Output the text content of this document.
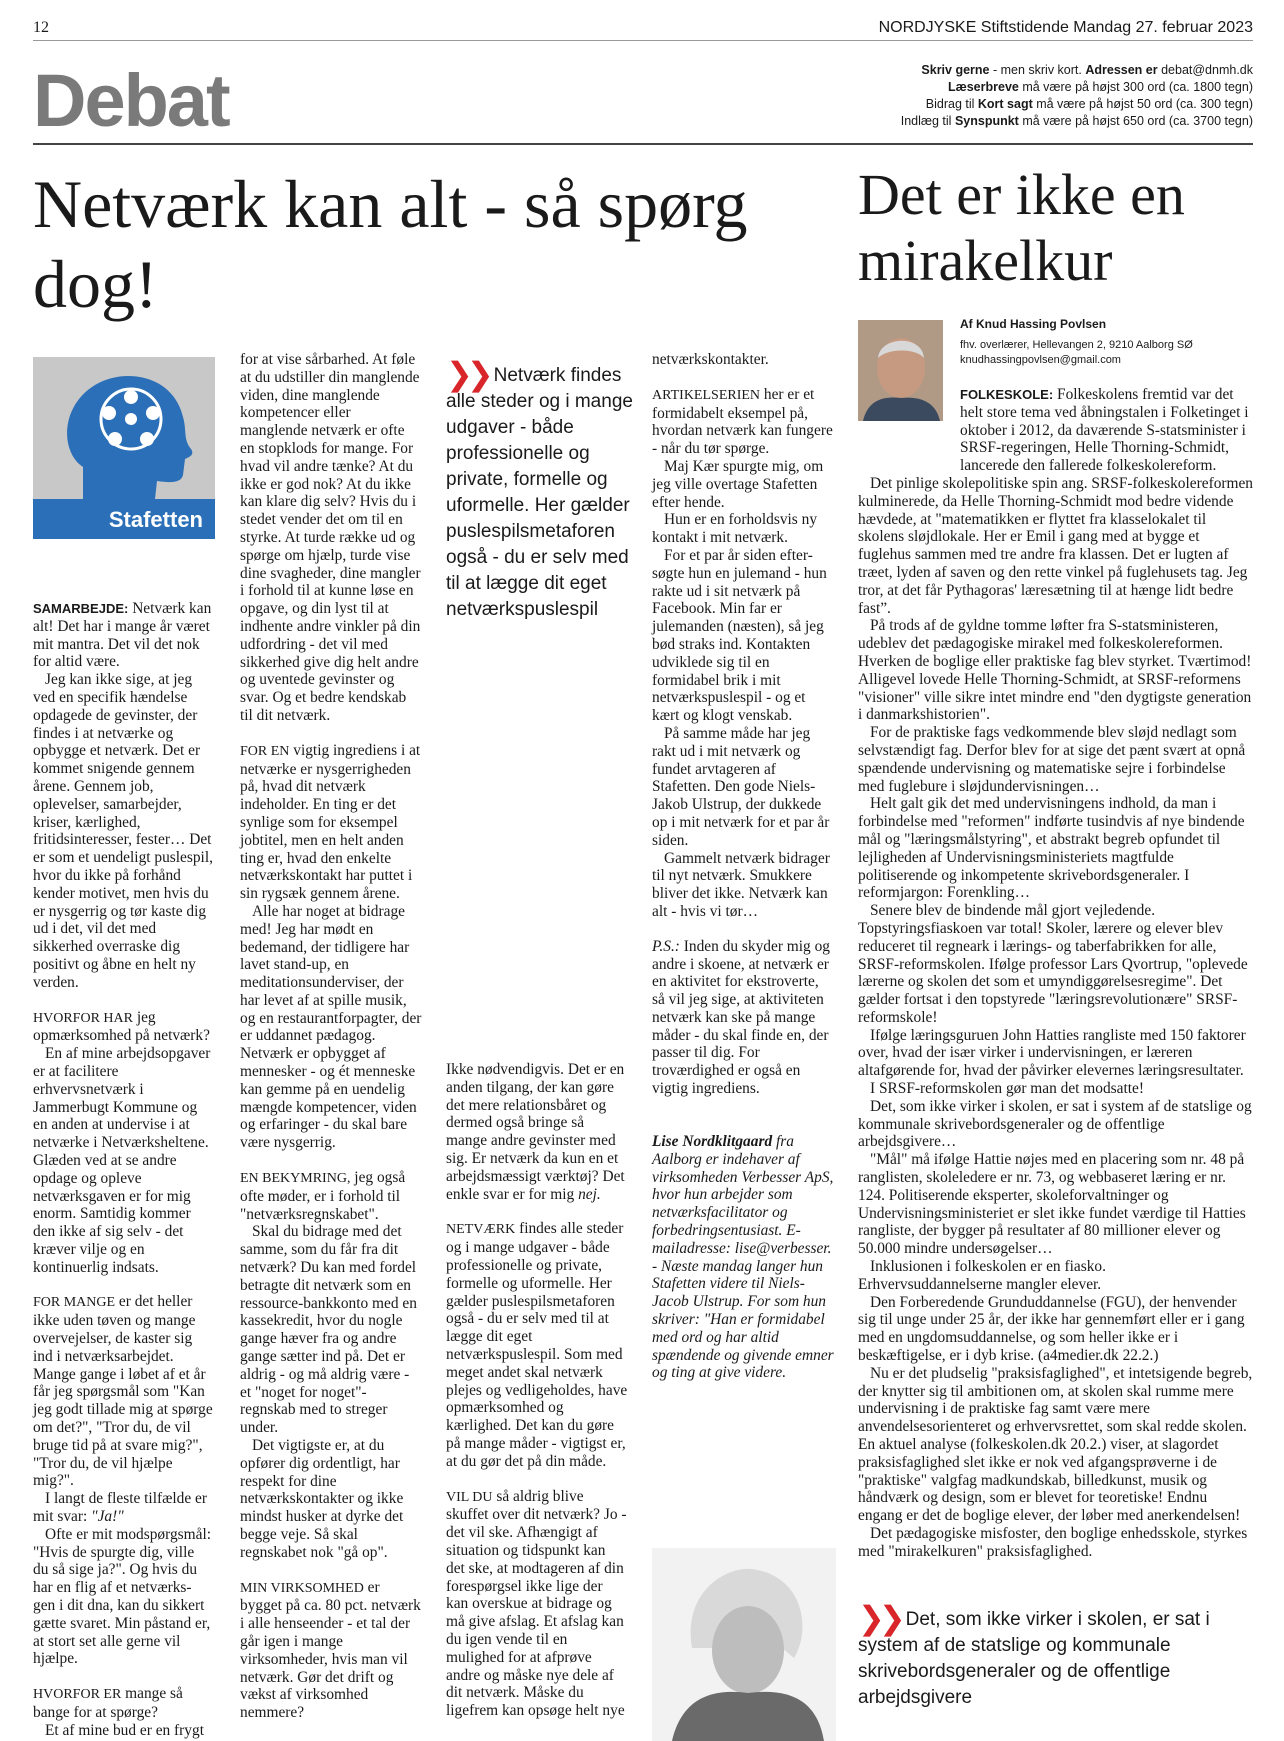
12	NORDJYSKE Stiftstidende Mandag 27. februar 2023
Debat	Skriv gerne - men skriv kort. Adressen er debat@dnmh.dk
Læserbreve må være på højst 300 ord (ca. 1800 tegn)
Bidrag til Kort sagt må være på højst 50 ord (ca. 300 tegn)
Indlæg til Synspunkt må være på højst 650 ord (ca. 3700 tegn)
Netværk kan alt - så spørg dog!
Det er ikke en mirakelkur
Stafetten

SAMARBEJDE: Netværk kan alt! Det har i mange år været mit mantra. Det vil det nok for altid være.

Jeg kan ikke sige, at jeg ved en specifik hændelse opdagede de gevinster, der findes i at netværke og opbygge et netværk. Det er kommet snigende gennem årene. Gennem job, oplevelser, samarbejder, kriser, kærlighed, fritidsinteresser, fester… Det er som et uendeligt puslespil, hvor du ikke på forhånd kender motivet, men hvis du er nysgerrig og tør kaste dig ud i det, vil det med sikkerhed overraske dig positivt og åbne en helt ny verden.

HVORFOR HAR jeg opmærksomhed på netværk?

En af mine arbejdsopgaver er at facilitere erhvervsnetværk i Jammerbugt Kommune og en anden at undervise i at netværke i Netværksheltene. Glæden ved at se andre opdage og opleve netværksgaven er for mig enorm. Samtidig kommer den ikke af sig selv - det kræver vilje og en kontinuerlig indsats.

FOR MANGE er det heller ikke uden tøven og mange overvejelser, de kaster sig ind i netværksarbejdet. Mange gange i løbet af et år får jeg spørgsmål som "Kan jeg godt tillade mig at spørge om det?", "Tror du, de vil bruge tid på at svare mig?", "Tror du, de vil hjælpe mig?".

I langt de fleste tilfælde er mit svar: "Ja!"

Ofte er mit modspørgsmål: "Hvis de spurgte dig, ville du så sige ja?". Og hvis du har en flig af et netværks-gen i dit dna, kan du sikkert gætte svaret. Min påstand er, at stort set alle gerne vil hjælpe.

HVORFOR ER mange så bange for at spørge?

Et af mine bud er en frygt

for at vise sårbarhed. At føle at du udstiller din manglende viden, dine manglende kompetencer eller manglende netværk er ofte en stopklods for mange. For hvad vil andre tænke? At du ikke er god nok? At du ikke kan klare dig selv? Hvis du i stedet vender det om til en styrke. At turde række ud og spørge om hjælp, turde vise dine svagheder, dine mangler i forhold til at kunne løse en opgave, og din lyst til at indhente andre vinkler på din udfordring - det vil med sikkerhed give dig helt andre og uventede gevinster og svar. Og et bedre kendskab til dit netværk.

FOR EN vigtig ingrediens i at netværke er nysgerrigheden på, hvad dit netværk indeholder. En ting er det synlige som for eksempel jobtitel, men en helt anden ting er, hvad den enkelte netværkskontakt har puttet i sin rygsæk gennem årene.

Alle har noget at bidrage med! Jeg har mødt en bedemand, der tidligere har lavet stand-up, en meditationsunderviser, der har levet af at spille musik, og en restaurantforpagter, der er uddannet pædagog. Netværk er opbygget af mennesker - og ét menneske kan gemme på en uendelig mængde kompetencer, viden og erfaringer - du skal bare være nysgerrig.

EN BEKYMRING, jeg også ofte møder, er i forhold til "netværksregnskabet".

Skal du bidrage med det samme, som du får fra dit netværk? Du kan med fordel betragte dit netværk som en ressource-bankkonto med en kassekredit, hvor du nogle gange hæver fra og andre gange sætter ind på. Det er aldrig - og må aldrig være - et "noget for noget"-regnskab med to streger under.

Det vigtigste er, at du opfører dig ordentligt, har respekt for dine netværkskontakter og ikke mindst husker at dyrke det begge veje. Så skal regnskabet nok "gå op".

MIN VIRKSOMHED er bygget på ca. 80 pct. netværk i alle henseender - et tal der går igen i mange virksomheder, hvis man vil netværk. Gør det drift og vækst af virksomhed nemmere?

❯❯ Netværk findes alle steder og i mange udgaver - både professionelle og private, formelle og uformelle. Her gælder puslespilsmetaforen også - du er selv med til at lægge dit eget netværkspuslespil

Ikke nødvendigvis. Det er en anden tilgang, der kan gøre det mere relationsbåret og dermed også bringe så mange andre gevinster med sig. Er netværk da kun en et arbejdsmæssigt værktøj? Det enkle svar er for mig nej.

NETVÆRK findes alle steder og i mange udgaver - både professionelle og private, formelle og uformelle. Her gælder puslespilsmetaforen også - du er selv med til at lægge dit eget netværkspuslespil. Som med meget andet skal netværk plejes og vedligeholdes, have opmærksomhed og kærlighed. Det kan du gøre på mange måder - vigtigst er, at du gør det på din måde.

VIL DU så aldrig blive skuffet over dit netværk? Jo - det vil ske. Afhængigt af situation og tidspunkt kan det ske, at modtageren af din forespørgsel ikke lige der kan overskue at bidrage og må give afslag. Et afslag kan du igen vende til en mulighed for at afprøve andre og måske nye dele af dit netværk. Måske du ligefrem kan opsøge helt nye

netværkskontakter.

ARTIKELSERIEN her er et formidabelt eksempel på, hvordan netværk kan fungere - når du tør spørge.

Maj Kær spurgte mig, om jeg ville overtage Stafetten efter hende.

Hun er en forholdsvis ny kontakt i mit netværk.

For et par år siden efter-søgte hun en julemand - hun rakte ud i sit netværk på Facebook. Min far er julemanden (næsten), så jeg bød straks ind. Kontakten udviklede sig til en formidabel brik i mit netværkspuslespil - og et kært og klogt venskab.

På samme måde har jeg rakt ud i mit netværk og fundet arvtageren af Stafetten. Den gode Niels-Jakob Ulstrup, der dukkede op i mit netværk for et par år siden.

Gammelt netværk bidrager til nyt netværk. Smukkere bliver det ikke. Netværk kan alt - hvis vi tør…

P.S.: Inden du skyder mig og andre i skoene, at netværk er en aktivitet for ekstroverte, så vil jeg sige, at aktiviteten netværk kan ske på mange måder - du skal finde en, der passer til dig. For troværdighed er også en vigtig ingrediens.

Lise Nordklitgaard fra Aalborg er indehaver af virksomheden Verbesser ApS, hvor hun arbejder som netværksfacilitator og forbedringsentusiast. E-mailadresse: lise@verbesser. - Næste mandag langer hun Stafetten videre til Niels-Jacob Ulstrup. For som hun skriver: "Han er formidabel med ord og har altid spændende og givende emner og ting at give videre.

Af Knud Hassing Povlsen
fhv. overlærer, Hellevangen 2, 9210 Aalborg SØ
knudhassingpovlsen@gmail.com

FOLKESKOLE: Folkeskolens fremtid var det helt store tema ved åbningstalen i Folketinget i oktober i 2012, da daværende S-statsminister i SRSF-regeringen, Helle Thorning-Schmidt, lancerede den fallerede folkeskolereform.

Det pinlige skolepolitiske spin ang. SRSF-folkeskolereformen kulminerede, da Helle Thorning-Schmidt mod bedre vidende hævdede, at "matematikken er flyttet fra klasselokalet til skolens sløjdlokale. Her er Emil i gang med at bygge et fuglehus sammen med tre andre fra klassen. Det er lugten af træet, lyden af saven og den rette vinkel på fuglehusets tag. Jeg tror, at det får Pythagoras' læresætning til at hænge lidt bedre fast”.

På trods af de gyldne tomme løfter fra S-statsministeren, udeblev det pædagogiske mirakel med folkeskolereformen. Hverken de boglige eller praktiske fag blev styrket. Tværtimod! Alligevel lovede Helle Thorning-Schmidt, at SRSF-reformens "visioner" ville sikre intet mindre end "den dygtigste generation i danmarkshistorien".

For de praktiske fags vedkommende blev sløjd nedlagt som selvstændigt fag. Derfor blev for at sige det pænt svært at opnå spændende undervisning og matematiske sejre i forbindelse med fuglebure i sløjdundervisningen…

Helt galt gik det med undervisningens indhold, da man i forbindelse med "reformen" indførte tusindvis af nye bindende mål og "læringsmålstyring", et abstrakt begreb opfundet til lejligheden af Undervisningsministeriets magtfulde politiserende og inkompetente skrivebordsgeneraler. I reformjargon: Forenkling…

Senere blev de bindende mål gjort vejledende. Topstyringsfiaskoen var total! Skoler, lærere og elever blev reduceret til regneark i lærings- og taberfabrikken for alle, SRSF-reformskolen. Ifølge professor Lars Qvortrup, "oplevede lærerne og skolen det som et umyndiggørelsesregime". Det gælder fortsat i den topstyrede "læringsrevolutionære" SRSF-reformskole!

Ifølge læringsguruen John Hatties rangliste med 150 faktorer over, hvad der især virker i undervisningen, er læreren altafgørende for, hvad der påvirker elevernes læringsresultater.

I SRSF-reformskolen gør man det modsatte!

Det, som ikke virker i skolen, er sat i system af de statslige og kommunale skrivebordsgeneraler og de offentlige arbejdsgivere…

"Mål" må ifølge Hattie nøjes med en placering som nr. 48 på ranglisten, skoleledere er nr. 73, og webbaseret læring er nr. 124. Politiserende eksperter, skoleforvaltninger og Undervisningsministeriet er slet ikke fundet værdige til Hatties rangliste, der bygger på resultater af 80 millioner elever og 50.000 mindre undersøgelser…

Inklusionen i folkeskolen er en fiasko. Erhvervsuddannelserne mangler elever.

Den Forberedende Grunduddannelse (FGU), der henvender sig til unge under 25 år, der ikke har gennemført eller er i gang med en ungdomsuddannelse, og som heller ikke er i beskæftigelse, er i dyb krise. (a4medier.dk 22.2.)

Nu er det pludselig "praksisfaglighed", et intetsigende begreb, der knytter sig til ambitionen om, at skolen skal rumme mere undervisning i de praktiske fag samt være mere anvendelsesorienteret og erhvervsrettet, som skal redde skolen. En aktuel analyse (folkeskolen.dk 20.2.) viser, at slagordet praksisfaglighed slet ikke er nok ved afgangsprøverne i de "praktiske" valgfag madkundskab, billedkunst, musik og håndværk og design, som er blevet for teoretiske! Endnu engang er det de boglige elever, der løber med anerkendelsen!

Det pædagogiske misfoster, den boglige enhedsskole, styrkes med "mirakelkuren" praksisfaglighed.

❯❯ Det, som ikke virker i skolen, er sat i system af de statslige og kommunale skrivebordsgeneraler og de offentlige arbejdsgivere
